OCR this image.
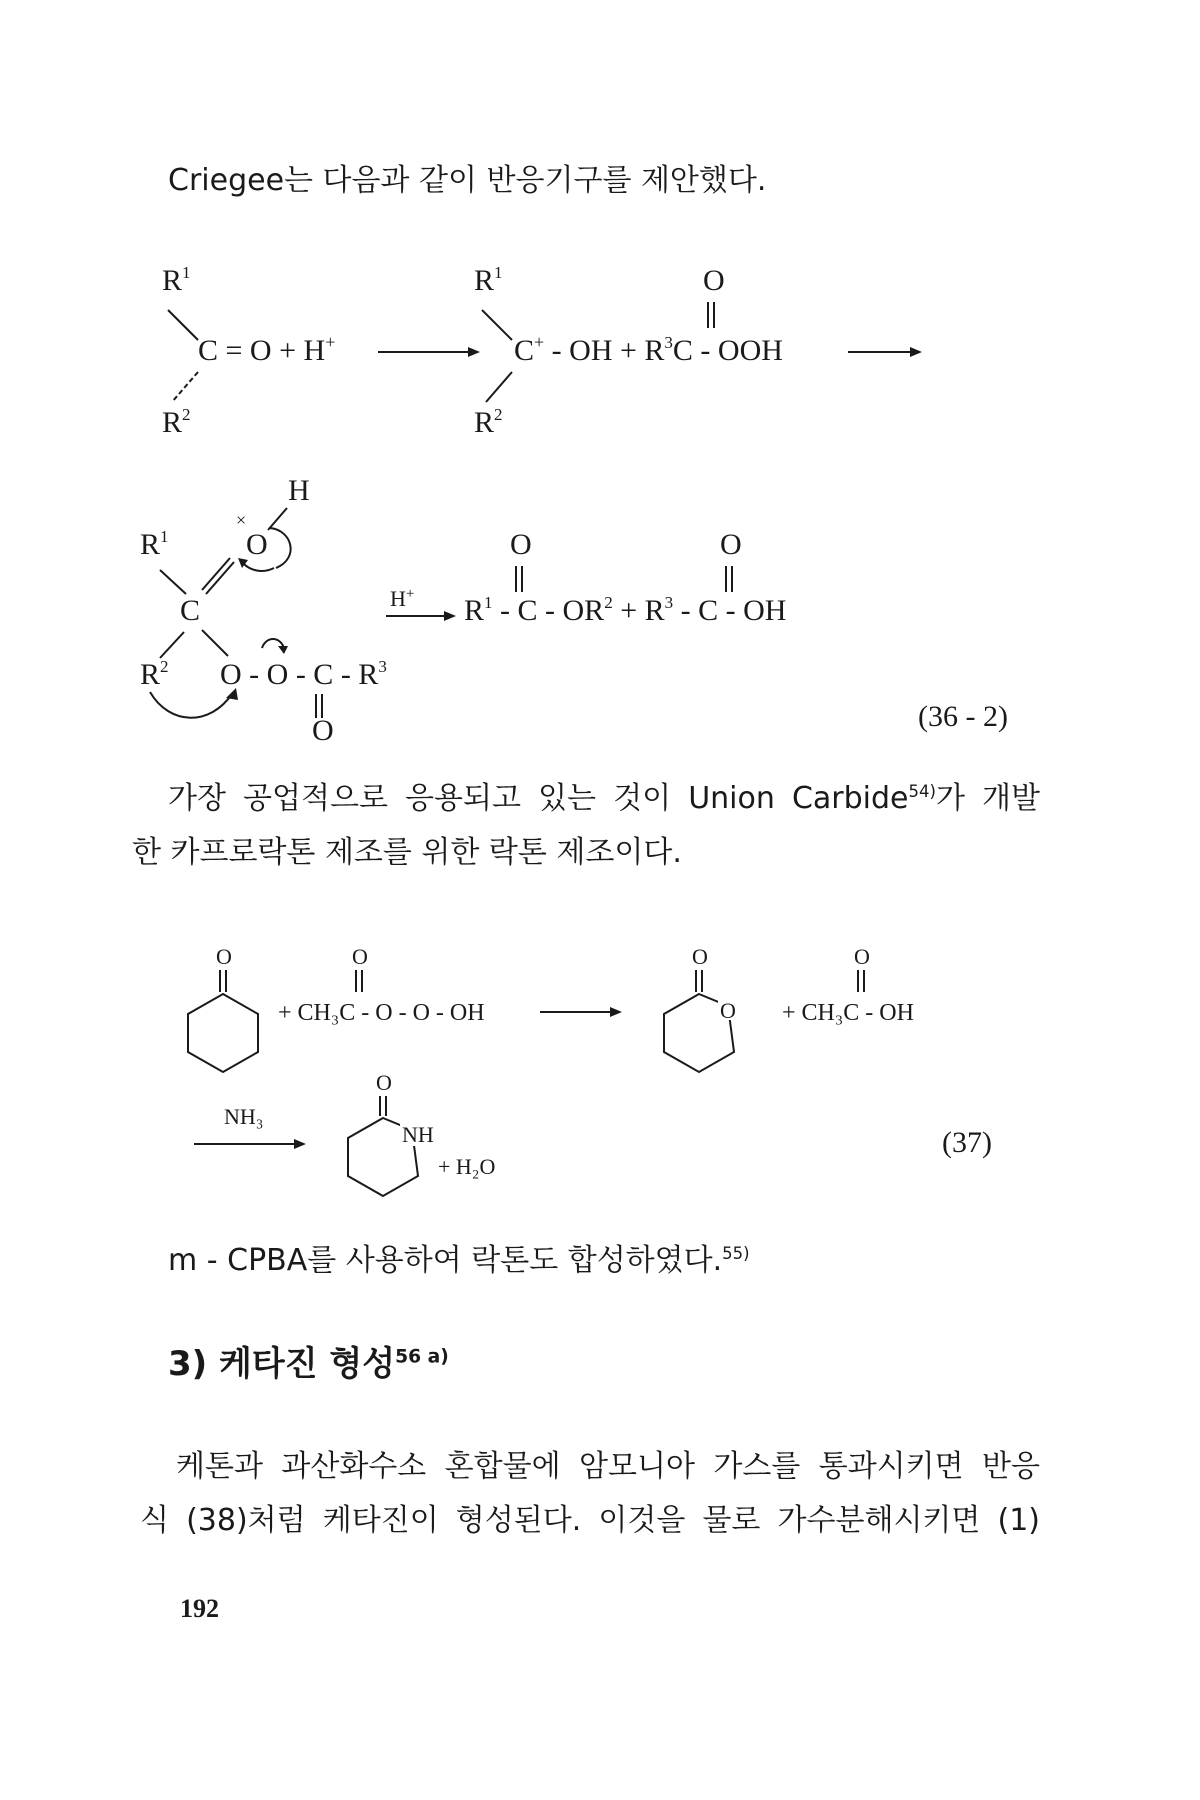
Criegee는 다음과 같이 반응기구를 제안했다.
$R^1$
C = O + H+
$R^2$
$R^1$
C+ - OH + $R^3C$ - OOH
$R^2$
O
H
×
O
$R^1$
C
$R^2$ O - O - C - $R^3$
H+
O	O
$R^1 - C - OR^2 + R^3 - C$ - OH
O	(36 - 2)
가장 공업적으로 응용되고 있는 것이 Union Carbide$^{54)}$가 개발
한 카프로락톤 제조를 위한 락톤 제조이다.
O	O
+ CH₃C - O - O - OH
O
O
O
+ CH₃C - OH
NH₃
O
NH
+ H₂O
(37)
m - CPBA를 사용하여 락톤도 합성하였다.$^{55)}$
3) 케타진 형성$^{56 a)}$
케톤과 과산화수소 혼합물에 암모니아 가스를 통과시키면 반응
식 (38)처럼 케타진이 형성된다. 이것을 물로 가수분해시키면 (1)
192
